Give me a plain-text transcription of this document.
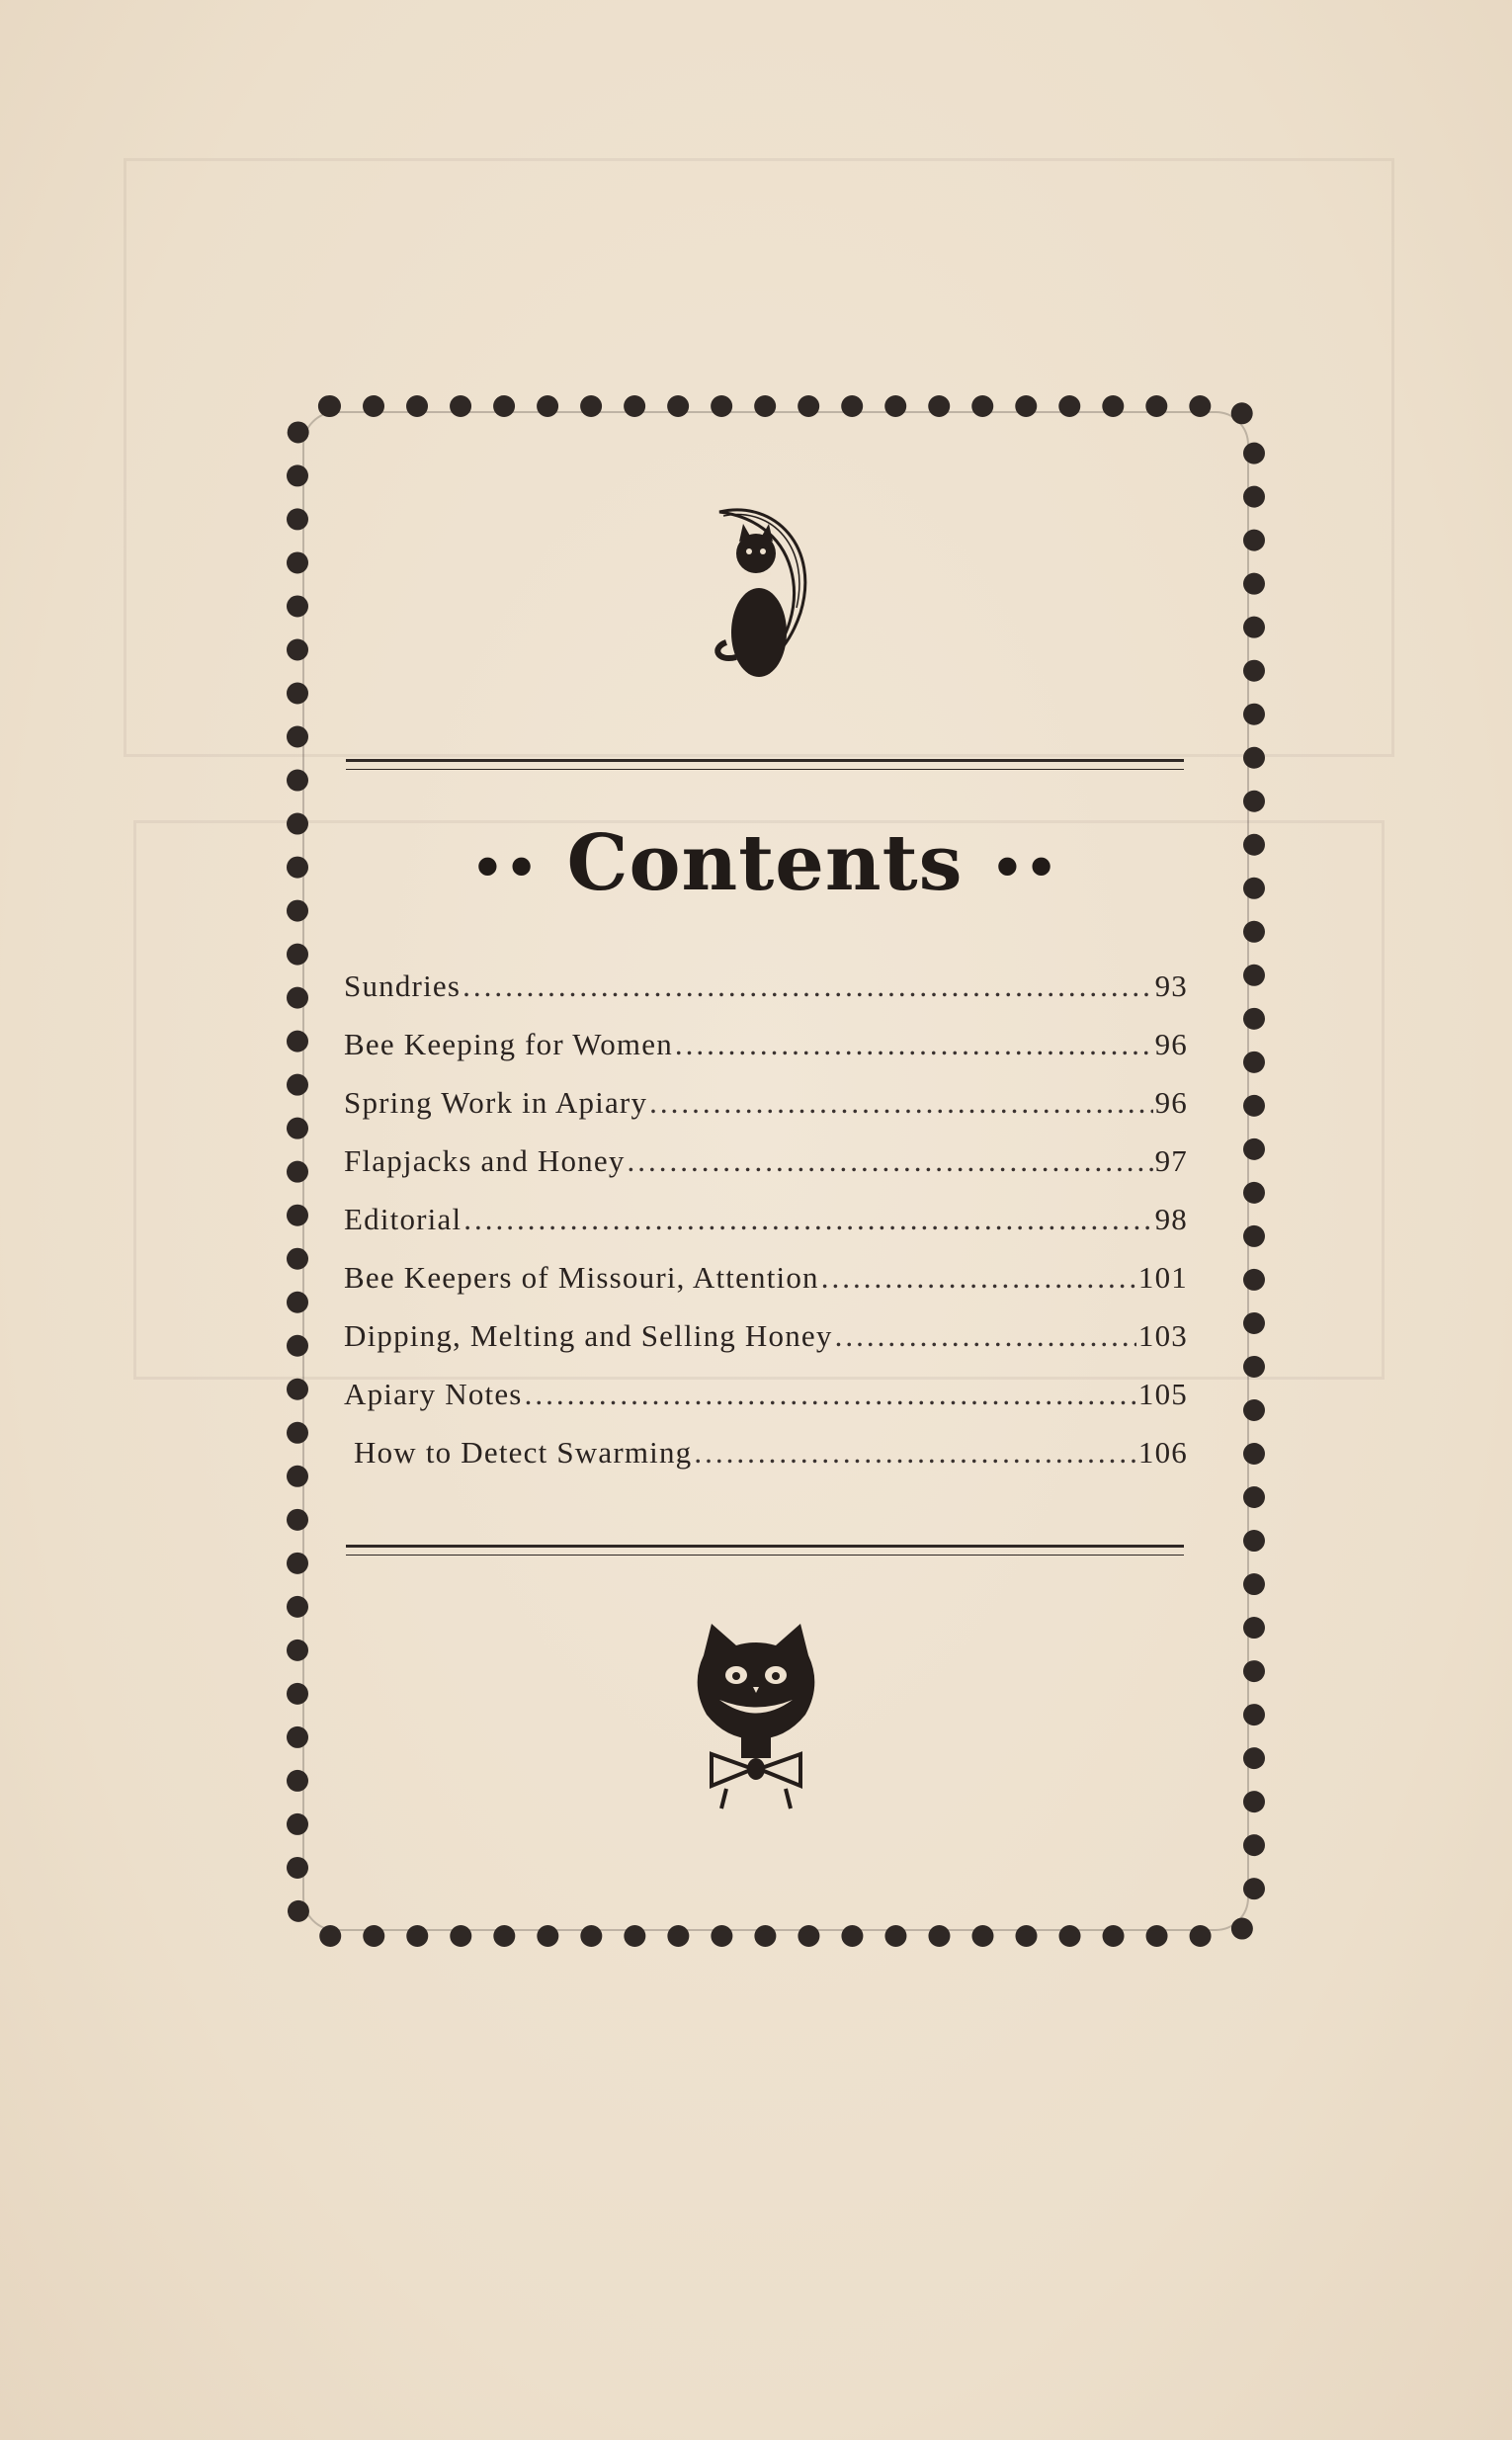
•• Contents ••
Sundries .....	93
Bee Keeping for Women .....	96
Spring Work in Apiary .....	96
Flapjacks and Honey .....	97
Editorial .....	98
Bee Keepers of Missouri, Attention .....	101
Dipping, Melting and Selling Honey .....	103
Apiary Notes .....	105
How to Detect Swarming .....	106
